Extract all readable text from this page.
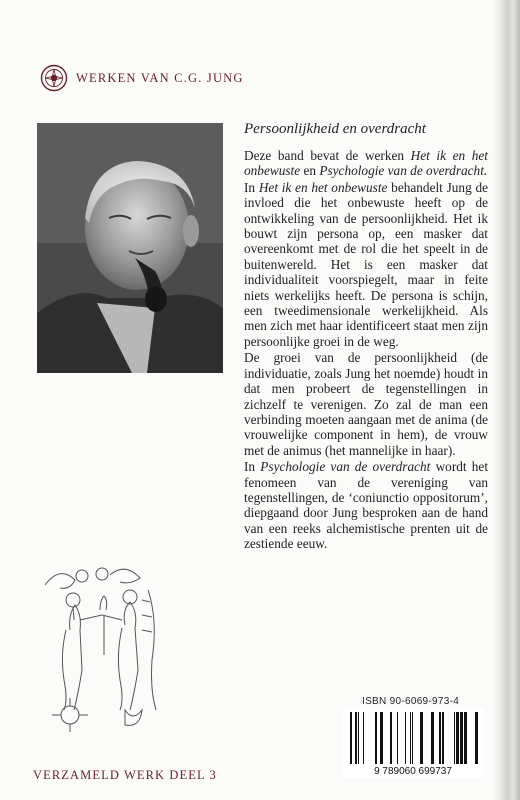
WERKEN VAN C.G. JUNG
Persoonlijkheid en overdracht

Deze band bevat de werken Het ik en het onbewuste en Psychologie van de overdracht.

In Het ik en het onbewuste behandelt Jung de invloed die het onbewuste heeft op de ontwikkeling van de persoonlijkheid. Het ik bouwt zijn persona op, een masker dat overeenkomt met de rol die het speelt in de buitenwereld. Het is een masker dat individualiteit voorspiegelt, maar in feite niets werkelijks heeft. De persona is schijn, een tweedimensionale werkelijkheid. Als men zich met haar identificeert staat men zijn persoonlijke groei in de weg.

De groei van de persoonlijkheid (de individuatie, zoals Jung het noemde) houdt in dat men probeert de tegenstellingen in zichzelf te verenigen. Zo zal de man een verbinding moeten aangaan met de anima (de vrouwelijke component in hem), de vrouw met de animus (het mannelijke in haar).

In Psychologie van de overdracht wordt het fenomeen van de vereniging van tegenstellingen, de ‘coniunctio oppositorum’, diepgaand door Jung besproken aan de hand van een reeks alchemistische prenten uit de zestiende eeuw.

ISBN 90-6069-973-4
9 789060 699737
VERZAMELD WERK DEEL 3
